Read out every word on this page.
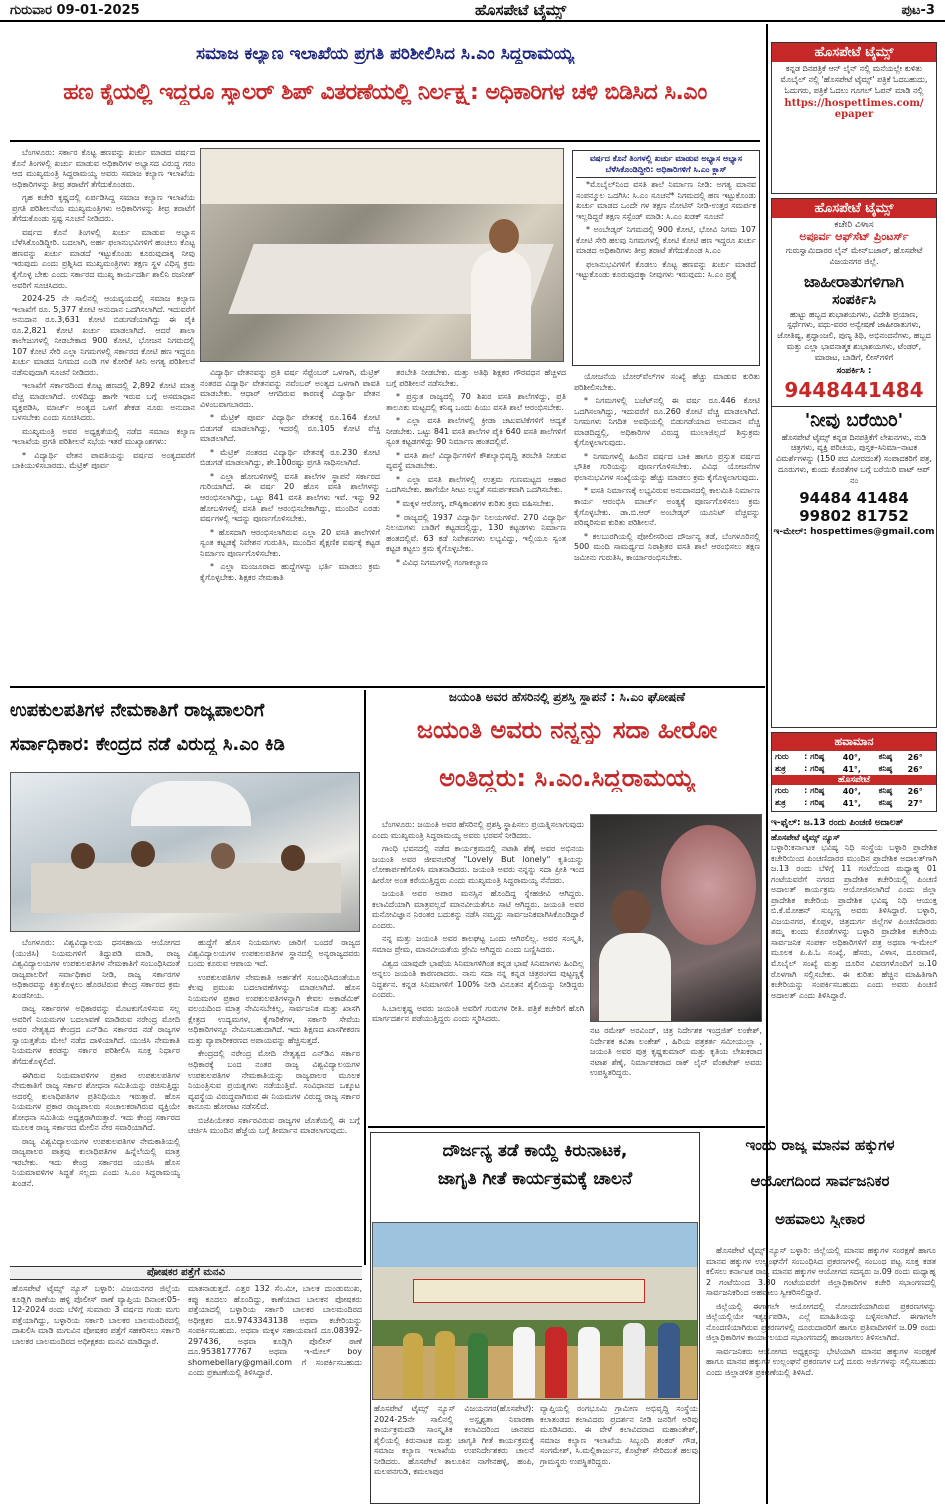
ಗುರುವಾರ 09-01-2025	ಹೊಸಪೇಟೆ ಟೈಮ್ಸ್	ಪುಟ-3
ಸಮಾಜ ಕಲ್ಯಾಣ ಇಲಾಖೆಯ ಪ್ರಗತಿ ಪರಿಶೀಲಿಸಿದ ಸಿ.ಎಂ ಸಿದ್ದರಾಮಯ್ಯ
ಹಣ ಕೈಯಲ್ಲಿ ಇದ್ದರೂ ಸ್ಕಾಲರ್ ಶಿಪ್ ವಿತರಣೆಯಲ್ಲಿ ನಿರ್ಲಕ್ಷ್ಯ: ಅಧಿಕಾರಿಗಳ ಚಳಿ ಬಿಡಿಸಿದ ಸಿ.ಎಂ

ಬೆಂಗಳೂರು: ಸರ್ಕಾರ ಕೊಟ್ಟ ಹಣವನ್ನು ಖರ್ಚು ಮಾಡದ ವರ್ಷದ ಕೊನೆ ತಿಂಗಳಲ್ಲಿ ಖರ್ಚು ಮಾಡುವ ಅಧಿಕಾರಿಗಳ ಅಭ್ಯಾಸದ ವಿರುದ್ಧ ಗರಂ ಆದ ಮುಖ್ಯಮಂತ್ರಿ ಸಿದ್ದರಾಮಯ್ಯ ಅವರು ಸಮಾಜ ಕಲ್ಯಾಣ ಇಲಾಖೆಯ ಅಧಿಕಾರಿಗಳನ್ನು ತೀವ್ರ ತರಾಟೆಗೆ ತೆಗೆದುಕೊಂಡರು.

ಗೃಹ ಕಚೇರಿ ಕೃಷ್ಣದಲ್ಲಿ ಏರ್ಪಡಿಸಿದ್ದ ಸಮಾಜ ಕಲ್ಯಾಣ ಇಲಾಖೆಯ ಪ್ರಗತಿ ಪರಿಶೀಲನೆಯ ಮುಖ್ಯಮಂತ್ರಿಗಳು ಅಧಿಕಾರಿಗಳನ್ನು ತೀವ್ರ ತರಾಟೆಗೆ ತೆಗೆದುಕೊಂಡು ಸ್ಪಷ್ಟ ಸೂಚನೆ ನೀಡಿದರು.

ವರ್ಷದ ಕೊನೆ ತಿಂಗಳಲ್ಲಿ ಖರ್ಚು ಮಾಡುವ ಅಭ್ಯಾಸ ಬೆಳೆಸಿಕೊಂಡಿದ್ದೀರಿ. ಬದಲಾಗಿ, ಅರ್ಹ ಫಲಾನುಭವಿಗಳಿಗೆ ಹಂಚಲು ಕೊಟ್ಟ ಹಣವನ್ನು ಖರ್ಚು ಮಾಡದೆ ಇಟ್ಟುಕೊಂಡು ಕೂರುವುದಾಕ್ಕ ನೀವು ಇರುವುದು ಎಂದು ಪ್ರಶ್ನಿಸಿದ ಮುಖ್ಯಮಂತ್ರಿಗಳು ತಕ್ಷಣ ಸ್ಥಳ ವಿಧಿಸ್ಸ ಕ್ರಮ ಕೈಗೊಳ್ಳ ಬೇಕು ಎಂದು ಸರ್ಕಾರದ ಮುಖ್ಯ ಕಾರ್ಯದರ್ಶಿ ಶಾಲಿನಿ ರಜನೀಶ್ ಅವರಿಗೆ ಸೂಚಿಸಿದರು.

2024-25 ನೇ ಸಾಲಿನಲ್ಲಿ ಆಯವ್ಯಯದಲ್ಲಿ ಸಮಾಜ ಕಲ್ಯಾಣ ಇಲಾಖೆಗೆ ರೂ. 5,377 ಕೋಟಿ ಅನುದಾನ ಒದಗಿಸಲಾಗಿದೆ. ಇದುವರೆಗೆ ಅನುದಾನ ರೂ.3,631 ಕೋಟಿ ಬಿಡುಗಡೆಯಾಗಿದ್ದು ಈ ಪೈಕಿ ರೂ.2,821 ಕೋಟಿ ಖರ್ಚು ಮಾಡಲಾಗಿದೆ. ಆದರೆ ಶಾಲಾ ಕಾಲೇಜುಗಳಲ್ಲಿ ನೀಡಬೇಕಾದ 900 ಕೋಟಿ, ಭೋಜನ ನಿಗಮದಲ್ಲಿ 107 ಕೋಟಿ ಸೇರಿ ಎಲ್ಲಾ ನಿಗಮಗಳಲ್ಲಿ ಸರ್ಕಾರದ ಕೋಟಿ ಹಣ ಇದ್ದರೂ ಖರ್ಚು ಮಾಡದ ನಿಗಮದ ಎಂಡಿ ಗಳ ಕೋರಿಕೆ ಸೀನಿ ಅಗತ್ಯ ಪರಿಶೀಲನೆ ನಡೆಸುವುದಾಗಿ ಸೂಚನೆ ನೀಡಿದರು.

ಇಲಾಖೆಗೆ ಸರ್ಕಾರದಿಂದ ಕೊಟ್ಟ ಹಣದಲ್ಲಿ 2,892 ಕೋಟಿ ಮಾತ್ರ ವೆಚ್ಚ ಮಾಡಲಾಗಿದೆ. ಉಳಿದಿದ್ದು ಹಾಗೇ ಇರುವ ಬಗ್ಗೆ ಅಸಮಾಧಾನ ವ್ಯಕ್ತಪಡಿಸಿ, ಮಾರ್ಚ್ ಅಂತ್ಯದ ಒಳಗೆ ಶೇಕಡ ನೂರು ಅನುದಾನ ಬಳಸಬೇಕು ಎಂದು ಸೂಚಿಸಿದರು.

ಮುಖ್ಯಮಂತ್ರಿ ಅವರ ಅಧ್ಯಕ್ಷತೆಯಲ್ಲಿ ನಡೆದ ಸಮಾಜ ಕಲ್ಯಾಣ ಇಲಾಖೆಯ ಪ್ರಗತಿ ಪರಿಶೀಲನೆ ಸಭೆಯ ಇತರೆ ಮುಖ್ಯಾಂಶಗಳು:

* ವಿದ್ಯಾರ್ಥಿ ವೇತನ ಪಾವತಿಯನ್ನು ವರ್ಷದ ಅಂತ್ಯದವರೆಗೆ ಬಾಕಿಯುಳಿಸಬಾರದು. ಮೆಟ್ರಿಕ್ ಪೂರ್ವ

ವಿದ್ಯಾರ್ಥಿ ವೇತನವನ್ನು ಪ್ರತಿ ವರ್ಷ ಸೆಪ್ಟೆಂಬರ್ ಒಳಗಾಗಿ, ಮೆಟ್ರಿಕ್ ನಂತರದ ವಿದ್ಯಾರ್ಥಿ ವೇತನವನ್ನು ನವೆಂಬರ್ ಅಂತ್ಯದ ಒಳಗಾಗಿ ಪಾವತಿ ಮಾಡಬೇಕು. ಆಧಾರ್ ಆಗದಿರುವ ಕಾರಣಕ್ಕೆ ವಿದ್ಯಾರ್ಥಿ ವೇತನ ವಿಳಂಬವಾಗಬಾರದು.

* ಮೆಟ್ರಿಕ್ ಪೂರ್ವ ವಿದ್ಯಾರ್ಥಿ ವೇತನಕ್ಕೆ ರೂ.164 ಕೋಟಿ ಬಿಡುಗಡೆ ಮಾಡಲಾಗಿದ್ದು, ಇದರಲ್ಲಿ ರೂ.105 ಕೋಟಿ ವೆಚ್ಚ ಮಾಡಲಾಗಿದೆ.

* ಮೆಟ್ರಿಕ್ ನಂತರದ ವಿದ್ಯಾರ್ಥಿ ವೇತನಕ್ಕೆ ರೂ.230 ಕೋಟಿ ಬಿಡುಗಡೆ ಮಾಡಲಾಗಿದ್ದು, ಶೇ.100ರಷ್ಟು ಪ್ರಗತಿ ಸಾಧಿಸಲಾಗಿದೆ.

* ಎಲ್ಲಾ ಹೋಬಳಿಗಳಲ್ಲಿ ವಸತಿ ಶಾಲೆಗಳ ಸ್ಥಾಪನೆ ಸರ್ಕಾರದ ಗುರಿಯಾಗಿದೆ. ಈ ವರ್ಷ 20 ಹೊಸ ವಸತಿ ಶಾಲೆಗಳನ್ನು ಆರಂಭಿಸಲಾಗಿದ್ದು, ಒಟ್ಟು 841 ವಸತಿ ಶಾಲೆಗಳು ಇವೆ. ಇನ್ನು 92 ಹೋಬಳಿಗಳಲ್ಲಿ ವಸತಿ ಶಾಲೆ ಆರಂಭಿಸಬೇಕಾಗಿದ್ದು, ಮುಂದಿನ ಎರಡು ವರ್ಷಗಳಲ್ಲಿ ಇದನ್ನು ಪೂರ್ಣಗೊಳಿಸಬೇಕು.

* ಹೊಸದಾಗಿ ಆರಂಭಿಸಲಾಗಿರುವ ಎಲ್ಲಾ 20 ವಸತಿ ಶಾಲೆಗಳಿಗೆ ಸ್ವಂತ ಕಟ್ಟಡಕ್ಕೆ ನಿವೇಶನ ಗುರುತಿಸಿ, ಮುಂದಿನ ಶೈಕ್ಷಣಿಕ ವರ್ಷಕ್ಕೆ ಕಟ್ಟಡ ನಿರ್ಮಾಣ ಪೂರ್ಣಗೊಳಿಸಬೇಕು.

* ಎಲ್ಲಾ ಮಂಜೂರಾದ ಹುದ್ದೆಗಳನ್ನು ಭರ್ತಿ ಮಾಡಲು ಕ್ರಮ ಕೈಗೊಳ್ಳಬೇಕು. ಶಿಕ್ಷಕರ ನೇಮಕಾತಿ

ತರಬೇತಿ ನೀಡಬೇಕು. ಮತ್ತು ಅತಿಥಿ ಶಿಕ್ಷಕರ ಗೌರವಧನ ಹೆಚ್ಚಳದ ಬಗ್ಗೆ ಪರಿಶೀಲನೆ ನಡೆಸಬೇಕು.

* ಪ್ರಸ್ತುತ ರಾಜ್ಯದಲ್ಲಿ 70 ಶಿಖರ ವಸತಿ ಶಾಲೆಗಳಿದ್ದು, ಪ್ರತಿ ತಾಲೂಕು ಮಟ್ಟದಲ್ಲಿ ಕನಿಷ್ಠ ಒಂದು ಪಿಯು ವಸತಿ ಶಾಲೆ ಆರಂಭಿಸಬೇಕು.

* ಎಲ್ಲಾ ವಸತಿ ಶಾಲೆಗಳಲ್ಲಿ ಕ್ರೀಡಾ ಚಟುವಟಿಕೆಗಳಿಗೆ ಆದ್ಯತೆ ನೀಡಬೇಕು. ಒಟ್ಟು 841 ವಸತಿ ಶಾಲೆಗಳ ಪೈಕಿ 640 ವಸತಿ ಶಾಲೆಗಳಿಗೆ ಸ್ವಂತ ಕಟ್ಟಡಗಳಿದ್ದು 90 ನಿರ್ಮಾಣ ಹಂತದಲ್ಲಿವೆ.

* ವಸತಿ ಶಾಲೆ ವಿದ್ಯಾರ್ಥಿಗಳಿಗೆ ಕೌಶಲ್ಯಾಭಿವೃದ್ಧಿ ತರಬೇತಿ ನೀಡುವ ವ್ಯವಸ್ಥೆ ಮಾಡಬೇಕು.

* ಎಲ್ಲಾ ವಸತಿ ಶಾಲೆಗಳಲ್ಲಿ ಉತ್ತಮ ಗುಣಮಟ್ಟದ ಆಹಾರ ಒದಗಿಸಬೇಕು. ಹಾಗೆಯೇ ಸೀಟು ಲಭ್ಯತೆ ಸಮರ್ಪಕವಾಗಿ ಒದಗಿಸಬೇಕು.

* ಮಕ್ಕಳ ಆರೋಗ್ಯ, ಪೌಷ್ಠಿಕಾಂಶಗಳ ಕುರಿತು ಕ್ರಮ ವಹಿಸಬೇಕು.

* ರಾಜ್ಯದಲ್ಲಿ 1937 ವಿದ್ಯಾರ್ಥಿ ನಿಲಯಗಳಿವೆ. 270 ವಿದ್ಯಾರ್ಥಿ ನಿಲಯಗಳು ಬಾಡಿಗೆ ಕಟ್ಟಡದಲ್ಲಿದ್ದು, 130 ಕಟ್ಟಡಗಳು ನಿರ್ಮಾಣ ಹಂತದಲ್ಲಿವೆ. 63 ಕಡೆ ನಿವೇಶನಗಳು ಲಭ್ಯವಿದ್ದು, ಇಲ್ಲಿಯೂ ಸ್ವಂತ ಕಟ್ಟಡ ಕಟ್ಟಲು ಕ್ರಮ ಕೈಗೊಳ್ಳಬೇಕು.

* ವಿವಿಧ ನಿಗಮಗಳಲ್ಲಿ ಗಂಗಾಕಲ್ಯಾಣ

ವರ್ಷದ ಕೊನೆ ತಿಂಗಳಲ್ಲಿ ಖರ್ಚು ಮಾಡುವ ಅಭ್ಯಾಸ ಅಭ್ಯಾಸ ಬೆಳೆಸಿಕೊಂಡಿದ್ದೀರಿ: ಅಧಿಕಾರಿಗಳಿಗೆ ಸಿ.ಎಂ ಕ್ಲಾಸ್

*ಮೊಬೈಲ್‌ನಿಂದ ವಸತಿ ಶಾಲೆ ನಿರ್ಮಾಣ ನೀಡಿ: ಅಗತ್ಯ ಮಾನವ ಸಂಪನ್ಮೂಲ ಒದಗಿಸಿ: ಸಿ.ಎಂ ಸೂಚನೆ* ನಿಗಮದಲ್ಲಿ ಹಣ ಇಟ್ಟುಕೊಂಡು ಖರ್ಚು ಮಾಡದ ಒಂದೇ ಗಳ ತಕ್ಷಣ ನೋಟಿಸ್ ನೀಡಿ-ಉತ್ತರ ಸಮರ್ಪಕ ಇಲ್ಲದಿದ್ದರೆ ತಕ್ಷಣ ಸಸ್ಪೆಂಡ್ ಮಾಡಿ: ಸಿ.ಎಂ ಖಡಕ್ ಸೂಚನೆ

* ಅಂಬೇಡ್ಕರ್ ನಿಗಮದಲ್ಲಿ 900 ಕೋಟಿ, ಭೋವಿ ನಿಗಮ 107 ಕೋಟಿ ಸೇರಿ ಹಲವು ನಿಗಮಗಳಲ್ಲಿ ಕೋಟಿ ಕೋಟಿ ಹಣ ಇದ್ದರೂ ಖರ್ಚು ಮಾಡದ ಅಧಿಕಾರಿಗಳು ತೀವ್ರ ತರಾಟೆ ತೆಗೆದುಕೊಂಡ ಸಿ.ಎಂ

ಫಲಾನುಭವಿಗಳಿಗೆ ಕೊಡಲು ಕೊಟ್ಟ ಹಣವನ್ನು ಖರ್ಚು ಮಾಡದೆ ಇಟ್ಟುಕೊಂಡು ಕೂರುವುದಕ್ಕಾ ನೀವುಗಳು ಇರುವುದು: ಸಿ.ಎಂ ಪ್ರಶ್ನೆ

ಯೋಜನೆಯ ಬೋರ್‌ವೆಲ್‌ಗಳ ಸಂಖ್ಯೆ ಹೆಚ್ಚು ಮಾಡುವ ಕುರಿತು ಪರಿಶೀಲಿಸಬೇಕು.

* ನಿಗಮಗಳಲ್ಲಿ ಬಜೆಟ್‌ನಲ್ಲಿ ಈ ವರ್ಷ ರೂ.446 ಕೋಟಿ ಒದಗಿಸಲಾಗಿದ್ದು, ಇದುವರೆಗೆ ರೂ.260 ಕೋಟಿ ವೆಚ್ಚ ಮಾಡಲಾಗಿದೆ. ನಿಗಮಗಳು ನಿಗದಿತ ಅವಧಿಯಲ್ಲಿ ಬಿಡುಗಡೆಯಾದ ಅನುದಾನ ವೆಚ್ಚ ಮಾಡದಿದ್ದಲ್ಲಿ, ಅಧಿಕಾರಿಗಳ ವಿರುದ್ಧ ಮುಲಾಜಿಲ್ಲದೆ ಶಿಸ್ತುಕ್ರಮ ಕೈಗೊಳ್ಳಲಾಗುವುದು.

* ನಿಗಮಗಳಲ್ಲಿ ಹಿಂದಿನ ವರ್ಷದ ಬಾಕಿ ಹಾಗೂ ಪ್ರಸ್ತುತ ವರ್ಷದ ಭೌತಿಕ ಗುರಿಯನ್ನು ಪೂರ್ಣಗೊಳಿಸಬೇಕು. ವಿವಿಧ ಯೋಜನೆಗಳ ಫಲಾನುಭವಿಗಳ ಸಂಖ್ಯೆಯನ್ನು ಹೆಚ್ಚು ಮಾಡಲು ಕ್ರಮ ಕೈಗೊಳ್ಳಲಾಗುವುದು.

* ವಸತಿ ನಿರ್ಮಾಣಕ್ಕೆ ಲಭ್ಯವಿರುವ ಅನುದಾನದಲ್ಲಿ ಕಾಲಮಿತಿ ನಿರ್ಮಾಣ ಕಾರ್ಯ ಆರಂಭಿಸಿ ಮಾರ್ಚ್ ಅಂತ್ಯಕ್ಕೆ ಪೂರ್ಣಗೊಳಿಸಲು ಕ್ರಮ ಕೈಗೊಳ್ಳಬೇಕು. ಡಾ.ಬಿ.ಆರ್ ಅಂಬೇಡ್ಕರ್ ಯೂನಿಟ್ ವೆಚ್ಚವನ್ನು ಪರಿಷ್ಕರಿಸುವ ಕುರಿತು ಪರಿಶೀಲನೆ.

* ಕಲಬುರಗಿಯಲ್ಲಿ ಪೋಲೀಸರಿಂದ ದೌರ್ಜನ್ಯ ತಡೆ, ಬೆಂಗಳೂರಿನಲ್ಲಿ 500 ಮಂದಿ ಸಾಮರ್ಥ್ಯದ ನಿರಾಶ್ರಿತರ ವಸತಿ ಶಾಲೆ ಆರಂಭಿಸಲು ತಕ್ಷಣ ಜಮೀನು ಗುರುತಿಸಿ, ಕಾರ್ಯಾರಂಭಿಸಬೇಕು.

ಹೊಸಪೇಟೆ ಟೈಮ್ಸ್
ಕನ್ನಡ ದಿನಪತ್ರಿಕೆ ಆನ್ ಲೈನ್ ನಲ್ಲಿ ಮನೆಯಲ್ಲೇ ಕುಳಿತು ಮೊಬೈಲ್ ನಲ್ಲಿ 'ಹೊಸಪೇಟೆ ಟೈಮ್ಸ್' ಪತ್ರಿಕೆ ಓದಬಹುದು, ಓದುಗರು, ಪತ್ರಿಕೆ ಓದಲು ಗೂಗಲ್ ಓಪನ್ ಮಾಡಿ ನಲ್ಲಿ
https://hospettimes.com/ epaper
ಹೊಸಪೇಟೆ ಟೈಮ್ಸ್
ಕಚೇರಿ ವಿಳಾಸ
ಅಪೂರ್ವ ಆಫ್‌ಸೆಟ್ ಪ್ರಿಂಟರ್ಸ್
ಗುರುಸ್ವಾಮಿದಾರರ ಲೈನ್ ಮೇನ್‌ಬಜಾರ್, ಹೊಸಪೇಟೆ ವಿಜಯನಗರ ಜಿಲ್ಲೆ.
ಜಾಹೀರಾತುಗಳಿಗಾಗಿ
ಸಂಪರ್ಕಿಸಿ
ಹುಟ್ಟು ಹಬ್ಬದ ಶುಭಾಶಯಗಳು, ವಿದೇಶಿ ಪ್ರಯಾಣ, ಸ್ಪರ್ಧೆಗಳು, ವಧು-ವರರ ಅನ್ವೇಷಣೆ ಜಾಹೀರಾತುಗಳು, ಜೋತಿಷ್ಯ, ಶ್ರದ್ಧಾಂಜಲಿ, ಪುಣ್ಯ ತಿಥಿ, ಅಭಿನಂದನೆಗಳು, ಹಬ್ಬದ ಮತ್ತು ಎಲ್ಲಾ ಭಾವನಾತ್ಮಕ ಶುಭಾಶಯಗಳು, ಟೆಂಡರ್, ಮಾರಾಟ, ಬಾಡಿಗೆ, ಲೀಸ್‌ಗಳಿಗೆ
ಸಂಪರ್ಕಿಸಿ :
9448441484
'ನೀವು ಬರೆಯಿರಿ'
ಹೊಸಪೇಟೆ ಟೈಮ್ಸ್ ಕನ್ನಡ ದಿನಪತ್ರಿಕೆಗೆ ಲೇಖನಗಳು, ನುಡಿ ಚಿತ್ರಗಳು, ವ್ಯಕ್ತಿ ಪರಿಚಯ, ಪುಸ್ತಕ–ಸಿನಿಮಾ–ನಾಟಕ ವಿಮರ್ಶೆಗಳನ್ನು (150 ಪದ ಮೀರದಂತೆ) ಸಂಪಾದಕರಿಗೆ ಪತ್ರ, ದೂರುಗಳು, ಕುಂದು ಕೊರತೆಗಳ ಬಗ್ಗೆ ಬರೆಯಿರಿ ವಾಟ್ ಆಪ್ ನಂ
94484 41484
99802 81752
ಇ-ಮೇಲ್: hospettimes@gmail.com
ಹವಾಮಾನ
ಗುರು	: ಗರಿಷ್ಠ	40°,	ಕನಿಷ್ಠ	26°
ಶುಕ್ರ	: ಗರಿಷ್ಠ	41°,	ಕನಿಷ್ಠ	26°
ಹೊಸಪೇಟೆ
ಗುರು	: ಗರಿಷ್ಠ	40°,	ಕನಿಷ್ಠ	26°
ಶುಕ್ರ	: ಗರಿಷ್ಠ	41°,	ಕನಿಷ್ಠ	27°
ಇ-ಫೈಲ್: ಜ.13 ರಂದು ಪಿಂಚಣಿ ಅದಾಲತ್
ಹೊಸಪೇಟೆ ಟೈಮ್ಸ್ ನ್ಯೂಸ್
ಬಳ್ಳಾರಿ:ಕರ್ನಾಟಕ ಭವಿಷ್ಯ ನಿಧಿ ಸಂಸ್ಥೆಯ ಬಳ್ಳಾರಿ ಪ್ರಾದೇಶಿಕ ಕಚೇರಿಯಿಂದ ಪಿಂಚಣಿದಾರರ ಮುಂದಿನ ಪ್ರಾದೇಶಿಕ ಅದಾಲತ್‌ಗಾಗಿ ಜ.13 ರಂದು ಬೆಳಿಗ್ಗೆ 11 ಗಂಟೆಯಿಂದ ಮಧ್ಯಾಹ್ನ 01 ಗಂಟೆಯವರೆಗೆ ನಗರದ ಪ್ರಾದೇಶಿಕ ಕಚೇರಿಯಲ್ಲಿ ಪಿಂಚಣಿ ಅದಾಲತ್ ಕಾರ್ಯಕ್ರಮ ಆಯೋಜಿಸಲಾಗಿದೆ ಎಂದು ಜಿಲ್ಲಾ ಪ್ರಾದೇಶಿಕ ಕಚೇರಿಯ ಪ್ರಾದೇಶಿಕ ಭವಿಷ್ಯ ನಿಧಿ ಆಯುಕ್ತ ಬಿ.ಕೆ.ಮೋಹನ್ ಸುಬ್ಬಣ್ಣ ಅವರು ತಿಳಿಸಿದ್ದಾರೆ. ಬಳ್ಳಾರಿ, ವಿಜಯನಗರ, ಕೊಪ್ಪಳ, ಚಿತ್ರದುರ್ಗ ಜಿಲ್ಲೆಗಳ ಪಿಂಚಣಿದಾರರು ತಮ್ಮ ಕುಂದು ಕೊರತೆಗಳನ್ನು ಬಳ್ಳಾರಿ ಪ್ರಾದೇಶಿಕ ಕಚೇರಿಯ ಸಾರ್ವಜನಿಕ ಸಂಪರ್ಕ ಅಧಿಕಾರಿಗಳಿಗೆ ಪತ್ರ ಅಥವಾ ಇ-ಮೇಲ್ ಮೂಲಕ ಪಿ.ಪಿ.ಓ ಸಂಖ್ಯೆ, ಹೆಸರು, ವಿಳಾಸ, ದೂರವಾಣಿ, ಮೊಬೈಲ್ ಸಂಖ್ಯೆ ಮತ್ತು ದೂರಿನ ವಿವರಗಳೊಂದಿಗೆ ಜ.10 ರೊಳಗಾಗಿ ಸಲ್ಲಿಸಬೇಕು. ಈ ಕುರಿತು ಹೆಚ್ಚಿನ ಮಾಹಿತಿಗಾಗಿ ಕಚೇರಿಯನ್ನು ಸಂಪರ್ಕಿಸಬಹುದು ಎಂದು ಅವರು ಪಿಂಚಣಿ ಅದಾಲತ್ ಎಂದು ತಿಳಿಸಿದ್ದಾರೆ.
ಉಪಕುಲಪತಿಗಳ ನೇಮಕಾತಿಗೆ ರಾಜ್ಯಪಾಲರಿಗೆ
ಸರ್ವಾಧಿಕಾರ: ಕೇಂದ್ರದ ನಡೆ ವಿರುದ್ಧ ಸಿ.ಎಂ ಕಿಡಿ

ಬೆಂಗಳೂರು: ವಿಶ್ವವಿದ್ಯಾಲಯ ಧನಸಹಾಯ ಆಯೋಗದ (ಯುಜಿಸಿ) ನಿಯಮಗಳಿಗೆ ತಿದ್ದುಪಡಿ ಮಾಡಿ, ರಾಜ್ಯ ವಿಶ್ವವಿದ್ಯಾಲಯಗಳ ಉಪಕುಲಪತಿಗಳ ನೇಮಕಾತಿಗೆ ಸಂಬಂಧಿಸಿದಂತೆ ರಾಜ್ಯಪಾಲರಿಗೆ ಸರ್ವಾಧಿಕಾರ ನೀಡಿ, ರಾಜ್ಯ ಸರ್ಕಾರಗಳ ಅಧಿಕಾರವನ್ನು ಕಿತ್ತುಕೊಳ್ಳಲು ಹೊರಟಿರುವ ಕೇಂದ್ರ ಸರ್ಕಾರದ ಕ್ರಮ ಖಂಡನೀಯ.

ರಾಜ್ಯ ಸರ್ಕಾರಗಳ ಅಧಿಕಾರವನ್ನು ಮೊಟಕುಗೊಳಿಸುವ ಸಲ್ಲ ಅವರಿಗೆ ನಿಯಮಗಳ ಬದಲಾವಣೆ ಮಾಡಿರುವ ನರೇಂದ್ರ ಮೋದಿ ಅವರ ನೇತೃತ್ವದ ಕೇಂದ್ರದ ಎನ್‌ಡಿಎ ಸರ್ಕಾರದ ನಡೆ ರಾಜ್ಯಗಳ ಸ್ವಾಯತ್ತತೆಯ ಮೇಲೆ ನಡೆದ ದಾಳಿಯಾಗಿದೆ. ಯುಜಿಸಿ ನೇಮಕಾತಿ ನಿಯಮಗಳ ಕರಡನ್ನು ಸರ್ಕಾರ ಪರಿಶೀಲಿಸಿ ಸೂಕ್ತ ನಿರ್ಧಾರ ತೆಗೆದುಕೊಳ್ಳಲಿದೆ.

ಈಗಿರುವ ನಿಯಮಾವಳಿಗಳ ಪ್ರಕಾರ ಉಪಕುಲಪತಿಗಳ ನೇಮಕಾತಿಗೆ ರಾಜ್ಯ ಸರ್ಕಾರ ಶೋಧನಾ ಸಮಿತಿಯನ್ನು ರಚಿಸುತ್ತಿದ್ದು ಅದರಲ್ಲಿ ಕುಲಾಧಿಪತಿಗಳ ಪ್ರತಿನಿಧಿಯೂ ಇರುತ್ತಾರೆ. ಹೊಸ ನಿಯಮಗಳ ಪ್ರಕಾರ ರಾಜ್ಯಪಾಲರು ಸಂಚಾಲಕರಾಗಿರುವ ವ್ಯಕ್ತಿಯೇ ಶೋಧನಾ ಸಮಿತಿಯ ಅಧ್ಯಕ್ಷರಾಗಿರುತ್ತಾರೆ. ಇದು ಕೇಂದ್ರ ಸರ್ಕಾರದ ಮೂಲಕ ರಾಜ್ಯ ಸರ್ಕಾರದ ಮೇಲಿನ ನೇರ ಸವಾರಿಯಾಗಿದೆ.

ರಾಜ್ಯ ವಿಶ್ವವಿದ್ಯಾಲಯಗಳ ಉಪಕುಲಪತಿಗಳ ನೇಮಕಾತಿಯಲ್ಲಿ ರಾಜ್ಯಪಾಲರ ಪಾತ್ರವು ಕುಲಾಧಿಪತಿಗಳ ಹಿನ್ನೆಲೆಯಲ್ಲಿ ಮಾತ್ರ ಇರಬೇಕು. ಇದು ಕೇಂದ್ರ ಸರ್ಕಾರದ ಯುಜಿಸಿ ಹೊಸ ನಿಯಮಾವಳಿಗಳ ಸಿದ್ಧತೆ ಸಲ್ಲದು ಎಂದು ಸಿ.ಎಂ ಸಿದ್ದರಾಮಯ್ಯ ಖಂಡನೆ.

ಹುದ್ದೆಗೆ ಹೊಸ ನಿಯಮಗಳು ಜಾರಿಗೆ ಬಂದರೆ ರಾಜ್ಯದ ವಿಶ್ವವಿದ್ಯಾಲಯಗಳ ಉಪಕುಲಪತಿಗಳ ಸ್ಥಾನದಲ್ಲಿ ಅನ್ಯರಾಜ್ಯದವರು ಬಂದು ಕೂರುವ ಆಪಾಯ ಇದೆ.

ಉಪಕುಲಪತಿಗಳ ನೇಮಕಾತಿ ಅರ್ಹತೆಗೆ ಸಂಬಂಧಿಸಿದಂತೆಯೂ ಕೆಲವು ಪ್ರಮುಖ ಬದಲಾವಣೆಗಳನ್ನು ಮಾಡಲಾಗಿದೆ. ಹೊಸ ನಿಯಮಗಳ ಪ್ರಕಾರ ಉಪಕುಲಪತಿಗಳನ್ನಾಗಿ ಕೇವಲ ಅಕಾಡೆಮಿಕ್ ವಲಯದಿಂದ ಮಾತ್ರ ನೇಮಿಸಬೇಕಿಲ್ಲ, ಸಾರ್ವಜನಿಕ ಮತ್ತು ಖಾಸಗಿ ಕ್ಷೇತ್ರದ ಉದ್ಯಮಗಳ, ಕೈಗಾರಿಕೆಗಳ, ಸರ್ಕಾರಿ ಸೇವೆಯ ಅಧಿಕಾರಿಗಳನ್ನೂ ನೇಮಿಸಬಹುದಾಗಿದೆ. ಇದು ಶಿಕ್ಷಣದ ಖಾಸಗೀಕರಣ ಮತ್ತು ವ್ಯಾಪಾರೀಕರಣದ ಅಪಾಯವನ್ನು ಹೆಚ್ಚಿಸುತ್ತದೆ.

ಕೇಂದ್ರದಲ್ಲಿ ನರೇಂದ್ರ ಮೋದಿ ನೇತೃತ್ವದ ಎನ್‌ಡಿಎ ಸರ್ಕಾರ ಅಧಿಕಾರಕ್ಕೆ ಬಂದ ನಂತರ ರಾಜ್ಯ ವಿಶ್ವವಿದ್ಯಾಲಯಗಳ ಉಪಕುಲಪತಿಗಳ ನೇಮಕಾತಿಯನ್ನು ರಾಜ್ಯಪಾಲರ ಮೂಲಕ ನಿಯಂತ್ರಿಸುವ ಪ್ರಯತ್ನಗಳು ನಡೆಯುತ್ತಿವೆ. ಸಂವಿಧಾನದ ಒಕ್ಕೂಟ ವ್ಯವಸ್ಥೆಯ ವಿರುದ್ಧವಾಗಿರುವ ಈ ನಿಯಮಗಳ ವಿರುದ್ಧ ರಾಜ್ಯ ಸರ್ಕಾರ ಕಾನೂನು ಹೋರಾಟ ನಡೆಸಲಿದೆ.

ಬಿಜೆಪಿಯೇತರ ಸರ್ಕಾರವಿರುವ ರಾಜ್ಯಗಳ ಜೊತೆಯಲ್ಲಿ ಈ ಬಗ್ಗೆ ಚರ್ಚಿಸಿ ಮುಂದಿನ ಹೆಜ್ಜೆಯ ಬಗ್ಗೆ ತೀರ್ಮಾನ ಮಾಡಲಾಗುವುದು.

ಪೋಷಕರ ಪತ್ತೆಗೆ ಮನವಿ
ಹೊಸಪೇಟೆ ಟೈಮ್ಸ್ ನ್ಯೂಸ್ ಬಳ್ಳಾರಿ: ವಿಜಯನಗರ ಜಿಲ್ಲೆಯ ಕೂಡ್ಲಿಗಿ ಠಾಣೆಯ ಹಳ್ಳಿ ಪೊಲೀಸ್ ಠಾಣೆ ವ್ಯಾಪ್ತಿಯ ದಿನಾಂಕ:05-12-2024 ರಂದು ಬೆಳಿಗ್ಗೆ ಸುಮಾರು 3 ವರ್ಷದ ಗಂಡು ಮಗು ಪತ್ತೆಯಾಗಿದ್ದು, ಬಳ್ಳಾರಿಯ ಸರ್ಕಾರಿ ಬಾಲಕರ ಬಾಲಮಂದಿರದಲ್ಲಿ ದಾಖಲಿಸಿ ಮಾಡಿ ಮಗುವಿನ ಪೋಷಕರ ಪತ್ತೆಗೆ ಸಹಕರಿಸಲು ಸರ್ಕಾರಿ ಬಾಲಕರ ಬಾಲಮಂದಿರದ ಅಧೀಕ್ಷಕರು ಮನವಿ ಮಾಡಿದ್ದಾರೆ.
ಮಾತನಾಡುತ್ತದೆ. ಎತ್ತರ 132 ಸೆಂ.ಮೀ, ಬಾಲಕ ದುಂಡುಮುಖ, ಕಪ್ಪು ಕೂದಲು ಹೊಂದಿದ್ದು, ಕಾಣೆಯಾದ ಬಾಲಕನ ಪೋಷಕರು ಪತ್ತೆಯಾದಲ್ಲಿ ಬಳ್ಳಾರಿಯ ಸರ್ಕಾರಿ ಬಾಲಕರ ಬಾಲಮಂದಿರದ ಅಧೀಕ್ಷಕರ ದೂ.9743343138 ಅಥವಾ ಕಚೇರಿಯನ್ನು ಸಂಪರ್ಕಿಸಬಹುದು. ಅಥವಾ ಮಕ್ಕಳ ಸಹಾಯವಾಣಿ ದೂ.08392-297436, ಅಥವಾ ಕೂಡ್ಲಿಗಿ ಪೊಲೀಸ್ ಠಾಣೆ ದೂ.9538177767 ಅಥವಾ ಇ-ಮೇಲ್ boy shomebellary@gmail.com ಗೆ ಸಂಪರ್ಕಿಸಬಹುದು ಎಂದು ಪ್ರಕಟಣೆಯಲ್ಲಿ ತಿಳಿಸಿದ್ದಾರೆ.
ಜಯಂತಿ ಅವರ ಹೆಸರಿನಲ್ಲಿ ಪ್ರಶಸ್ತಿ ಸ್ಥಾಪನೆ : ಸಿ.ಎಂ ಘೋಷಣೆ
ಜಯಂತಿ ಅವರು ನನ್ನನ್ನು ಸದಾ ಹೀರೋ
ಅಂತಿದ್ದರು: ಸಿ.ಎಂ.ಸಿದ್ದರಾಮಯ್ಯ

ಬೆಂಗಳೂರು: ಜಯಂತಿ ಅವರ ಹೆಸರಿನಲ್ಲಿ ಪ್ರಶಸ್ತಿ ಸ್ಥಾಪಿಸಲು ಪ್ರಯತ್ನಿಸಲಾಗುವುದು ಎಂದು ಮುಖ್ಯಮಂತ್ರಿ ಸಿದ್ದರಾಮಯ್ಯ ಅವರು ಭರವಸೆ ನೀಡಿದರು.

ಗಾಂಧಿ ಭವನದಲ್ಲಿ ನಡೆದ ಕಾರ್ಯಕ್ರಮದಲ್ಲಿ ನಟಾಶಿ ಶೆಣೈ ಅವರ ಅಭಿನಯ ಜಯಂತಿ ಅವರ ಜೀವನಚರಿತ್ರೆ "Lovely But lonely" ಕೃತಿಯನ್ನು ಲೋಕಾರ್ಪಣೆಗೊಳಿಸಿ ಮಾತನಾಡಿದರು. ಜಯಂತಿ ಅವರು ನನ್ನನ್ನು ಸದಾ ಪ್ರೀತಿ ಇಂದ ಹೀರೋ ಅಂತ ಕರೆಯುತ್ತಿದ್ದರು ಎಂದು ಮುಖ್ಯಮಂತ್ರಿ ಸಿದ್ದರಾಮಯ್ಯ ನೆನೆದರು.

ಜಯಂತಿ ಅವರ ಅಪಾರ ಮನಸ್ಸಿನ ಹೊಂದಿದ್ದ ಸ್ನೇಹಜೀವಿ ಆಗಿದ್ದರು. ಕಲಾವಿದೆಯಾಗಿ ಮಾತ್ರವಲ್ಲದೆ ಮಾನವೀಯತೆಗೂ ಸಾಟಿ ಆಗಿದ್ದರು. ಜಯಂತಿ ಅವರ ಮನೋವಿಜ್ಞಾನ ನಿರಂತರ ಬದುಕನ್ನು ನಡೆಸಿ ನಮ್ಮನ್ನು ಸಾರ್ವಜನಿಕವಾಗಿಸಿಕೊಂಡಿದ್ದಾರೆ ಎಂದರು.

ನನ್ನ ಮತ್ತು ಜಯಂತಿ ಅವರ ಕಾಲಘಟ್ಟ ಒಂದು ಆಗಿರಲಿಲ್ಲ. ಅವರ ಸಂಸ್ಕೃತಿ, ಸಮಾಜ ಪ್ರೇಮ, ಮಾನವೀಯತೆಯ ಪ್ರೇಮಿ ಆಗಿದ್ದರು ಎಂದು ಬಣ್ಣಿಸಿದರು.

ವಿಶ್ವದ ಯಾವುದೇ ಭಾಷೆಯ ಸಿನಿಮಾಗಳಿಗಿಂತ ಕನ್ನಡ ಭಾಷೆ ಸಿನಿಮಾಗಳು ಹಿಂದಿಲ್ಲ ಅನ್ನಲು ಜಯಂತಿ ಕಾರಣರಾದರು. ನಾನು ಸದಾ ನನ್ನ ಕನ್ನಡ ಚಿತ್ರರಂಗದ ಪುಟ್ಟಣ್ಣಕ್ಕೆ ನಿದ್ದರ್ಶನ. ಕನ್ನಡ ಸಿನಿಮಾಗಳಿಗೆ 100% ನೀಡಿ ವಿನೂತನ ಶೈಲಿಯನ್ನು ನೀಡಿದ್ದರು ಎಂದರು.

ಸಿ.ಬಾಲಕೃಷ್ಣ ಅವರು ಜಯಂತಿ ಅವರಿಗೆ ಗುರುಗಳ ರೀತಿ. ಪತ್ರಿಕೆ ಕಚೇರಿಗೆ ಹೊಗಿ ಮಾರ್ಗದರ್ಶನ ಪಡೆಯುತ್ತಿದ್ದರು ಎಂದು ಸ್ಮರಿಸಿದರು.

ನಟ ರಮೇಶ್ ಅರವಿಂದ್, ಚಿತ್ರ ನಿರ್ದೇಶಕ ಇಂದ್ರಜಿತ್ ಲಂಕೇಶ್, ನಿರ್ದೇಶಕ ಕವಿತಾ ಲಂಕೇಶ್ , ಹಿರಿಯ ಪತ್ರಕರ್ತ ಸಮೀಯುಲ್ಲಾ , ಜಯಂತಿ ಅವರ ಪುತ್ರ ಕೃಷ್ಣಕುಮಾರ್ ಮತ್ತು ಕೃತಿಯ ಲೇಖಕರಾದ ನಟಾಶ ಶೆಣೈ, ನಿರ್ಮಾಪಕರಾದ ರಾಕ್ ಲೈನ್ ವೆಂಕಟೇಶ್ ಅವರು ಉಪಸ್ಥಿತರಿದ್ದರು.
ದೌರ್ಜನ್ಯ ತಡೆ ಕಾಯ್ದೆ ಕಿರುನಾಟಕ,
ಜಾಗೃತಿ ಗೀತೆ ಕಾರ್ಯಕ್ರಮಕ್ಕೆ ಚಾಲನೆ
ಹೊಸಪೇಟೆ ಟೈಮ್ಸ್ ನ್ಯೂಸ್ ವಿಜಯನಗರ(ಹೊಸಪೇಟೆ): 2024-25ನೇ ಸಾಲಿನಲ್ಲಿ ಅಸ್ಪೃಶ್ಯತಾ ನಿವಾರಣಾ ಕಾರ್ಯಕ್ರಮದಡಿ ಸಾಂಸ್ಕೃತಿಕ ಕಲಾವಿದರಿಂದ ಜಾನಪದ ಶೈಲಿಯಲ್ಲಿ ಕಿರುನಾಟಕ ಮತ್ತು ಜಾಗೃತಿ ಗೀತೆ ಕಾರ್ಯಕ್ರಮಕ್ಕೆ ಸಮಾಜ ಕಲ್ಯಾಣ ಇಲಾಖೆಯ ಉಪನಿರ್ದೇಶಕರು ಚಾಲನೆ ನೀಡಿದರು. ಹೊಸಪೇಟೆ ತಾಲೂಕಿನ ನಾಗೇನಹಳ್ಳಿ, ಹಂಪಿ, ಮಲಪನಗುಡಿ, ಕಮಲಾಪುರ
ವ್ಯಾಪ್ತಿಯಲ್ಲಿ ರಂಗಭೂಮಿ ಗ್ರಾಮೀಣ ಅಭಿವೃದ್ಧಿ ಸಂಸ್ಥೆಯ ಕಲಾತಂಡದ ಕಲಾವಿದರು ಪ್ರದರ್ಶನ ನೀಡಿ ಜನರಿಗೆ ಅರಿವು ಮೂಡಿಸಿದರು. ಈ ವೇಳೆ ಕಲಾವಿದರಾದ ಮಹಾಂತೇಶ್, ಸಮಾಜ ಕಲ್ಯಾಣ ಇಲಾಖೆಯ ಸಿಬ್ಬಂದಿ ಶಂಕರ್ ಗೌಡ, ಸಂಗಮೇಶ್, ಸಿ.ಮಲ್ಲಿಕಾರ್ಜುನ, ಕೊಟ್ರೇಶ್ ಸೇರಿದಂತೆ ಹಲವು ಗ್ರಾಮಸ್ಥರು ಉಪಸ್ಥಿತರಿದ್ದರು.
ಇಂದು ರಾಜ್ಯ ಮಾನವ ಹಕ್ಕುಗಳ
ಆಯೋಗದಿಂದ ಸಾರ್ವಜನಿಕರ
ಅಹವಾಲು ಸ್ವೀಕಾರ

ಹೊಸಪೇಟೆ ಟೈಮ್ಸ್ ನ್ಯೂಸ್ ಬಳ್ಳಾರಿ: ಜಿಲ್ಲೆಯಲ್ಲಿ ಮಾನವ ಹಕ್ಕುಗಳ ಸಂರಕ್ಷಣೆ ಹಾಗೂ ಮಾನವ ಹಕ್ಕುಗಳ ಉಲ್ಲಂಘನೆಗೆ ಸಂಬಂಧಿಸಿದ ಪ್ರಕರಣಗಳಲ್ಲಿ ಸಂಬಂಧ ಪಟ್ಟ ಸೂಕ್ತ ಕಡತ ಕಲಿಸಲು ಕರ್ನಾಟಕ ರಾಜ್ಯ ಮಾನವ ಹಕ್ಕುಗಳ ಆಯೋಗದ ಸದಸ್ಯರು ಜ.09 ರಂದು ಮಧ್ಯಾಹ್ನ 2 ಗಂಟೆಯಿಂದ 3.30 ಗಂಟೆಯವರೆಗೆ ಜಿಲ್ಲಾಧಿಕಾರಿಗಳ ಕಚೇರಿ ಸಭಾಂಗಣದಲ್ಲಿ ಸಾರ್ವಜನಿಕರಿಂದ ಅಹವಾಲು ಸ್ವೀಕರಿಸಲಿದ್ದಾರೆ.

ಜಿಲ್ಲೆಯಲ್ಲಿ ಈಗಾಗಲೇ ಆಯೋಗದಲ್ಲಿ ನೋಂದಣಿಯಾಗಿರುವ ಪ್ರಕರಣಗಳನ್ನು ಜಿಲ್ಲೆಯಲ್ಲಿಯೇ ಇತ್ಯರ್ಥಪಡಿಸಿ, ಎಲ್ಲೆ ಮಾಹಿತಿಯನ್ನು ಬಳ್ಳಿಸಲಾಗಿದೆ. ಈಗಾಗಲೇ ನೊಂದಣಿಯಾಗಿರುವ ಪ್ರಕರಣಗಳಲ್ಲಿ ದೂರುದಾರರಿಗೆ ಹಾಗೂ ಪ್ರತಿವಾದಿಗಳಿಗೆ ಜ.09 ರಂದು ಜಿಲ್ಲಾಧಿಕಾರಿಗಳ ಕಾರ್ಯಾಲಯದ ಸಭಾಂಗಣದಲ್ಲಿ ಹಾಜರಾಗಲು ತಿಳಿಸಲಾಗಿದೆ.

ಸಾರ್ವಜನಿಕರು ಆಯೋಗದ ಅಧ್ಯಕ್ಷರನ್ನು ಭೇಟಿಯಾಗಿ ಮಾನವ ಹಕ್ಕುಗಳ ಸಂರಕ್ಷಣೆ ಹಾಗೂ ಮಾನವ ಹಕ್ಕುಗಳ ಉಲ್ಲಂಘನೆ ಪ್ರಕರಣಗಳ ಬಗ್ಗೆ ದೂರು ಅರ್ಜಿಗಳನ್ನು ಸಲ್ಲಿಸಬಹುದು ಎಂದು ಜಿಲ್ಲಾಡಳಿತ ಪ್ರಕಟಣೆಯಲ್ಲಿ ತಿಳಿಸಿದೆ.
